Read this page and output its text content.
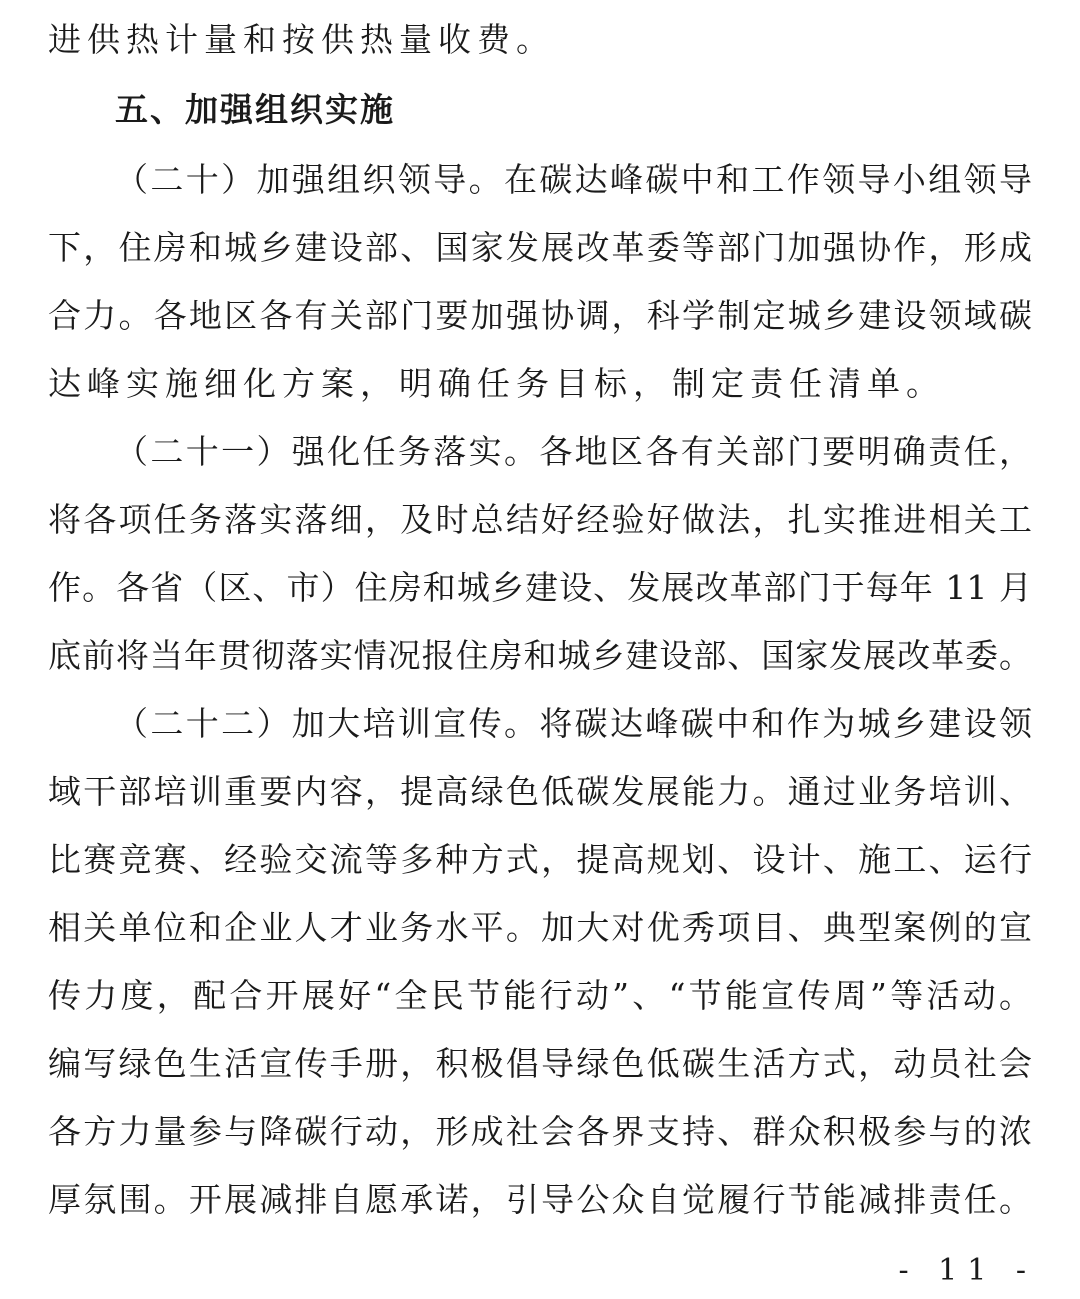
进供热计量和按供热量收费。
五、加强组织实施
（二十）加强组织领导。在碳达峰碳中和工作领导小组领导
下，住房和城乡建设部、国家发展改革委等部门加强协作，形成
合力。各地区各有关部门要加强协调，科学制定城乡建设领域碳
达峰实施细化方案，明确任务目标，制定责任清单。
（二十一）强化任务落实。各地区各有关部门要明确责任，
将各项任务落实落细，及时总结好经验好做法，扎实推进相关工
作。各省（区、市）住房和城乡建设、发展改革部门于每年 11 月
底前将当年贯彻落实情况报住房和城乡建设部、国家发展改革委。
（二十二）加大培训宣传。将碳达峰碳中和作为城乡建设领
域干部培训重要内容，提高绿色低碳发展能力。通过业务培训、
比赛竞赛、经验交流等多种方式，提高规划、设计、施工、运行
相关单位和企业人才业务水平。加大对优秀项目、典型案例的宣
传力度，配合开展好“全民节能行动”、“节能宣传周”等活动。
编写绿色生活宣传手册，积极倡导绿色低碳生活方式，动员社会
各方力量参与降碳行动，形成社会各界支持、群众积极参与的浓
厚氛围。开展减排自愿承诺，引导公众自觉履行节能减排责任。
- 11 -
